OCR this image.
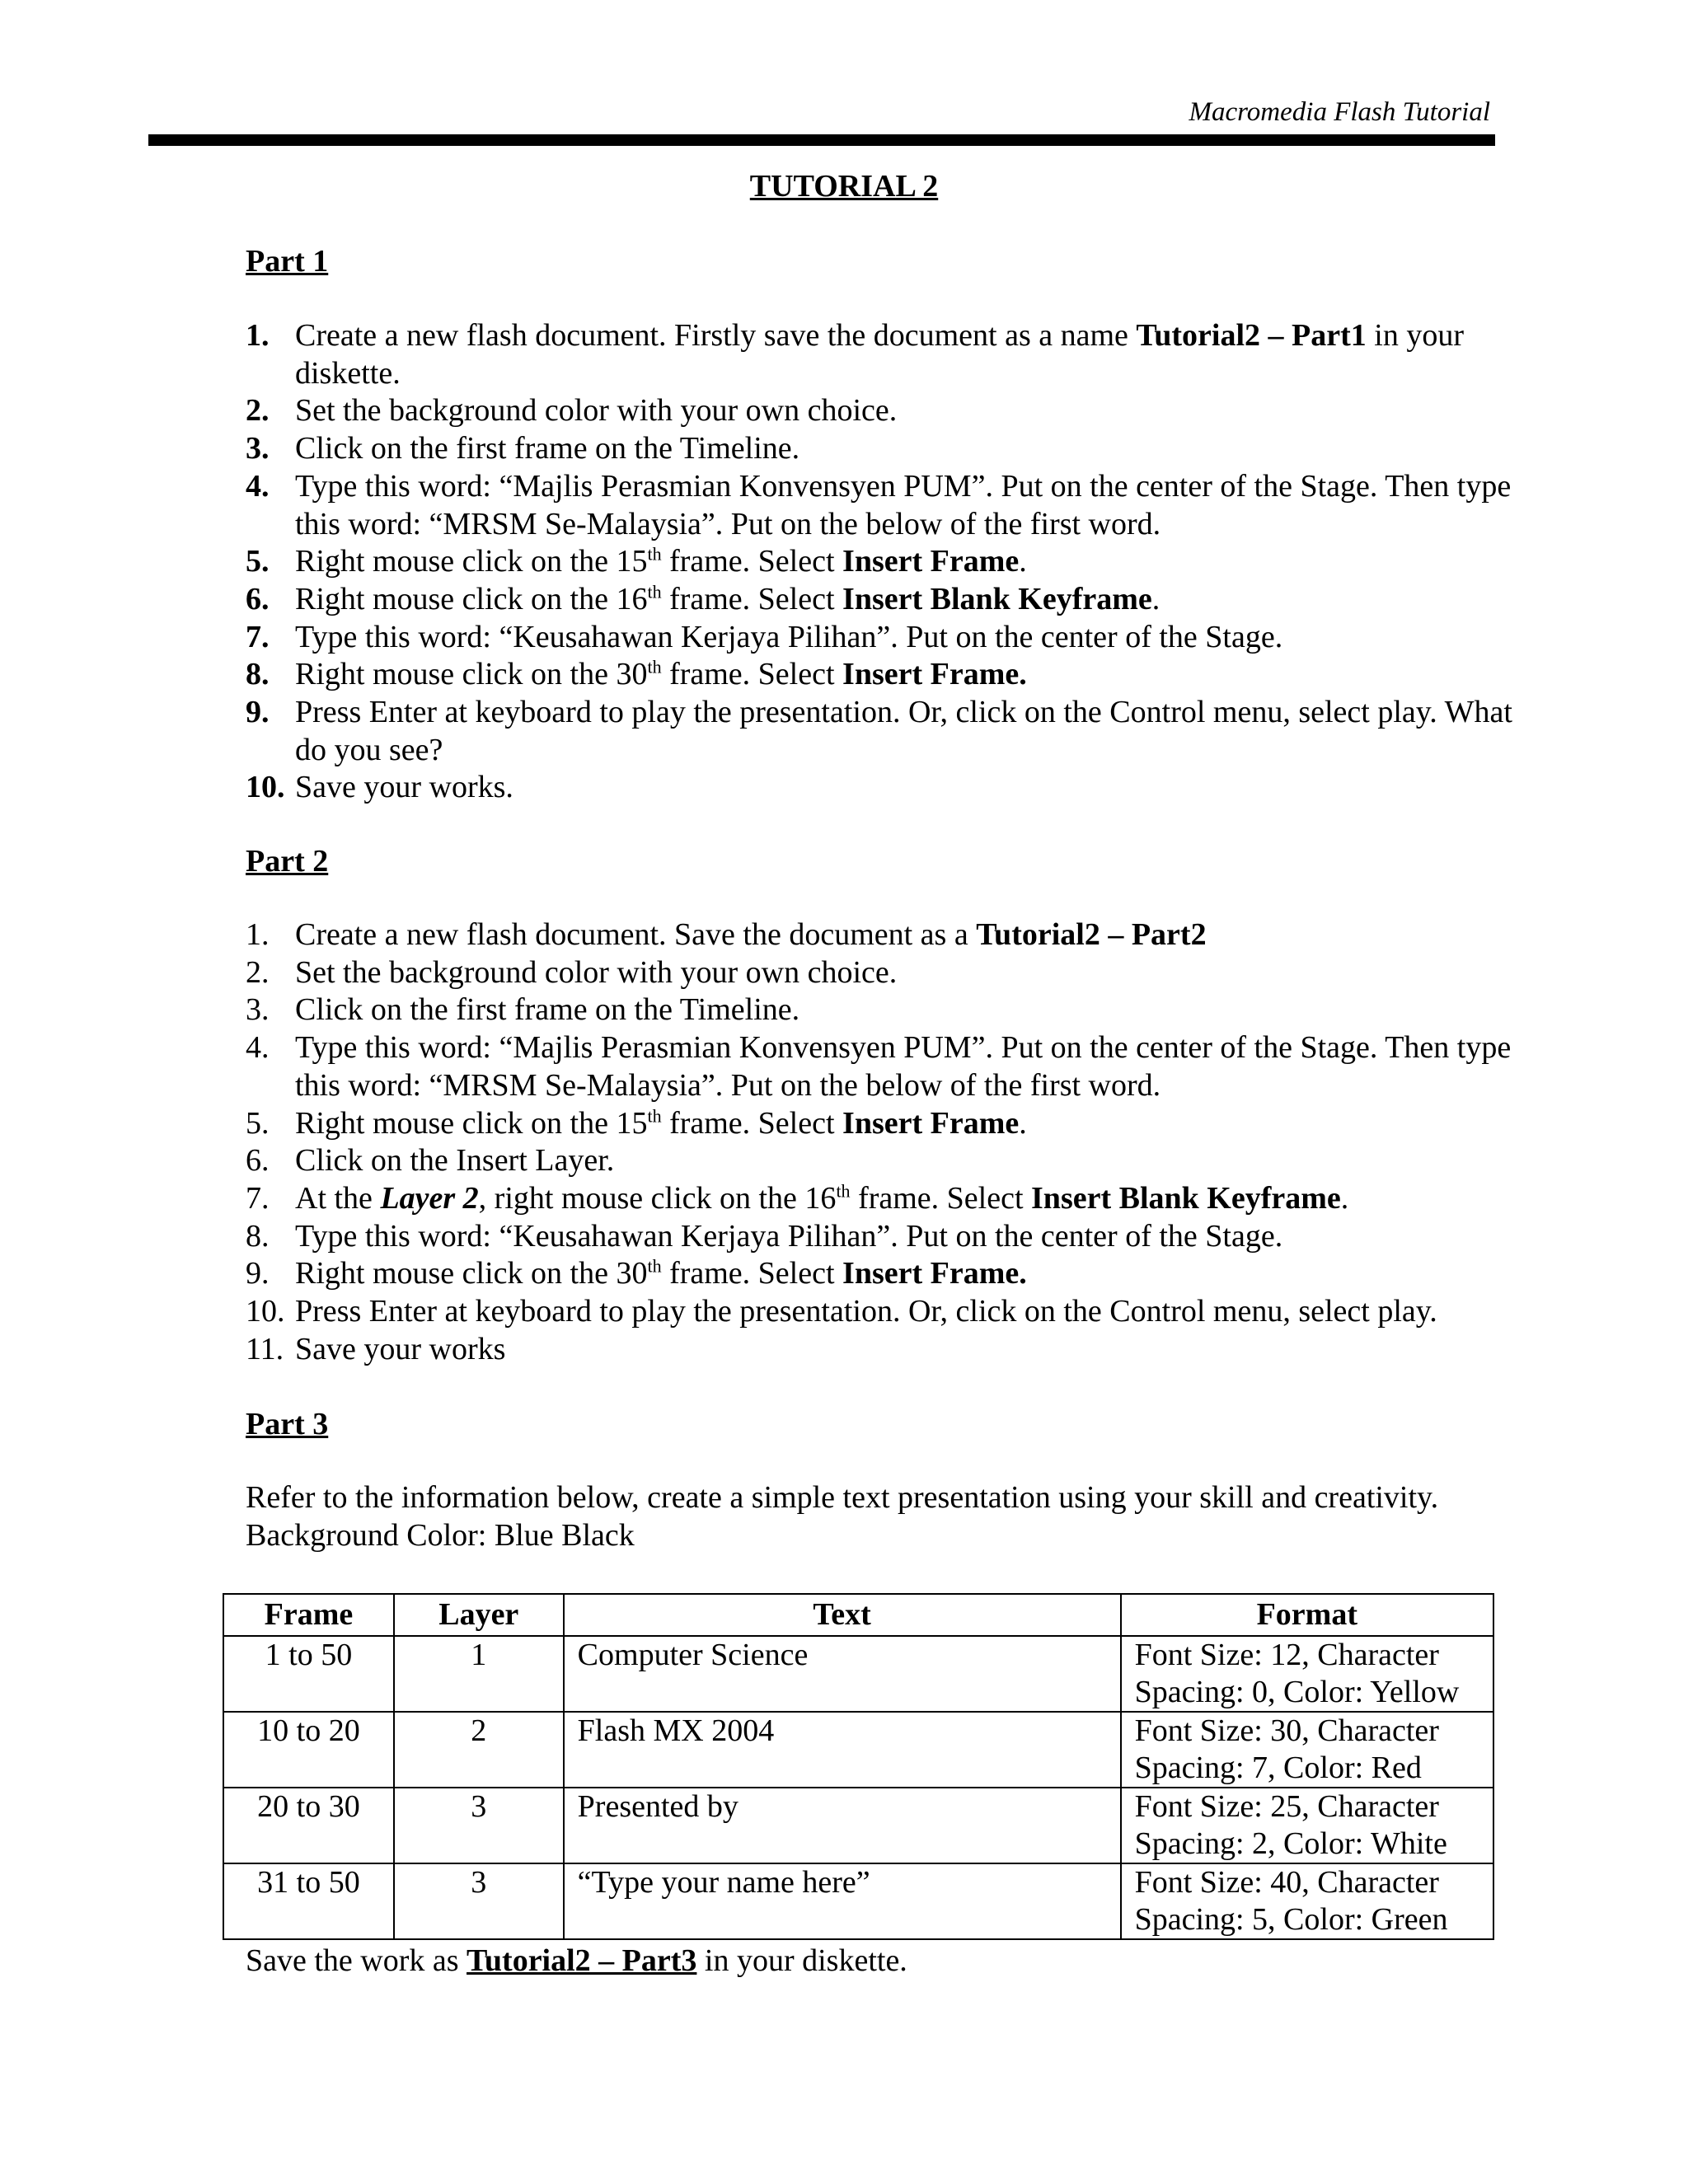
Macromedia Flash Tutorial
TUTORIAL 2
Part 1
1. Create a new flash document. Firstly save the document as a name Tutorial2 – Part1 in your diskette.
2. Set the background color with your own choice.
3. Click on the first frame on the Timeline.
4. Type this word: “Majlis Perasmian Konvensyen PUM”. Put on the center of the Stage. Then type this word: “MRSM Se-Malaysia”. Put on the below of the first word.
5. Right mouse click on the 15th frame. Select Insert Frame.
6. Right mouse click on the 16th frame. Select Insert Blank Keyframe.
7. Type this word: “Keusahawan Kerjaya Pilihan”. Put on the center of the Stage.
8. Right mouse click on the 30th frame. Select Insert Frame.
9. Press Enter at keyboard to play the presentation. Or, click on the Control menu, select play. What do you see?
10. Save your works.
Part 2
1. Create a new flash document. Save the document as a Tutorial2 – Part2
2. Set the background color with your own choice.
3. Click on the first frame on the Timeline.
4. Type this word: “Majlis Perasmian Konvensyen PUM”. Put on the center of the Stage. Then type this word: “MRSM Se-Malaysia”. Put on the below of the first word.
5. Right mouse click on the 15th frame. Select Insert Frame.
6. Click on the Insert Layer.
7. At the Layer 2, right mouse click on the 16th frame. Select Insert Blank Keyframe.
8. Type this word: “Keusahawan Kerjaya Pilihan”. Put on the center of the Stage.
9. Right mouse click on the 30th frame. Select Insert Frame.
10. Press Enter at keyboard to play the presentation. Or, click on the Control menu, select play.
11. Save your works
Part 3
Refer to the information below, create a simple text presentation using your skill and creativity.
Background Color: Blue Black
Frame	Layer	Text	Format
1 to 50	1	Computer Science	Font Size: 12, Character Spacing: 0, Color: Yellow
10 to 20	2	Flash MX 2004	Font Size: 30, Character Spacing: 7, Color: Red
20 to 30	3	Presented by	Font Size: 25, Character Spacing: 2, Color: White
31 to 50	3	“Type your name here”	Font Size: 40, Character Spacing: 5, Color: Green
Save the work as Tutorial2 – Part3 in your diskette.
